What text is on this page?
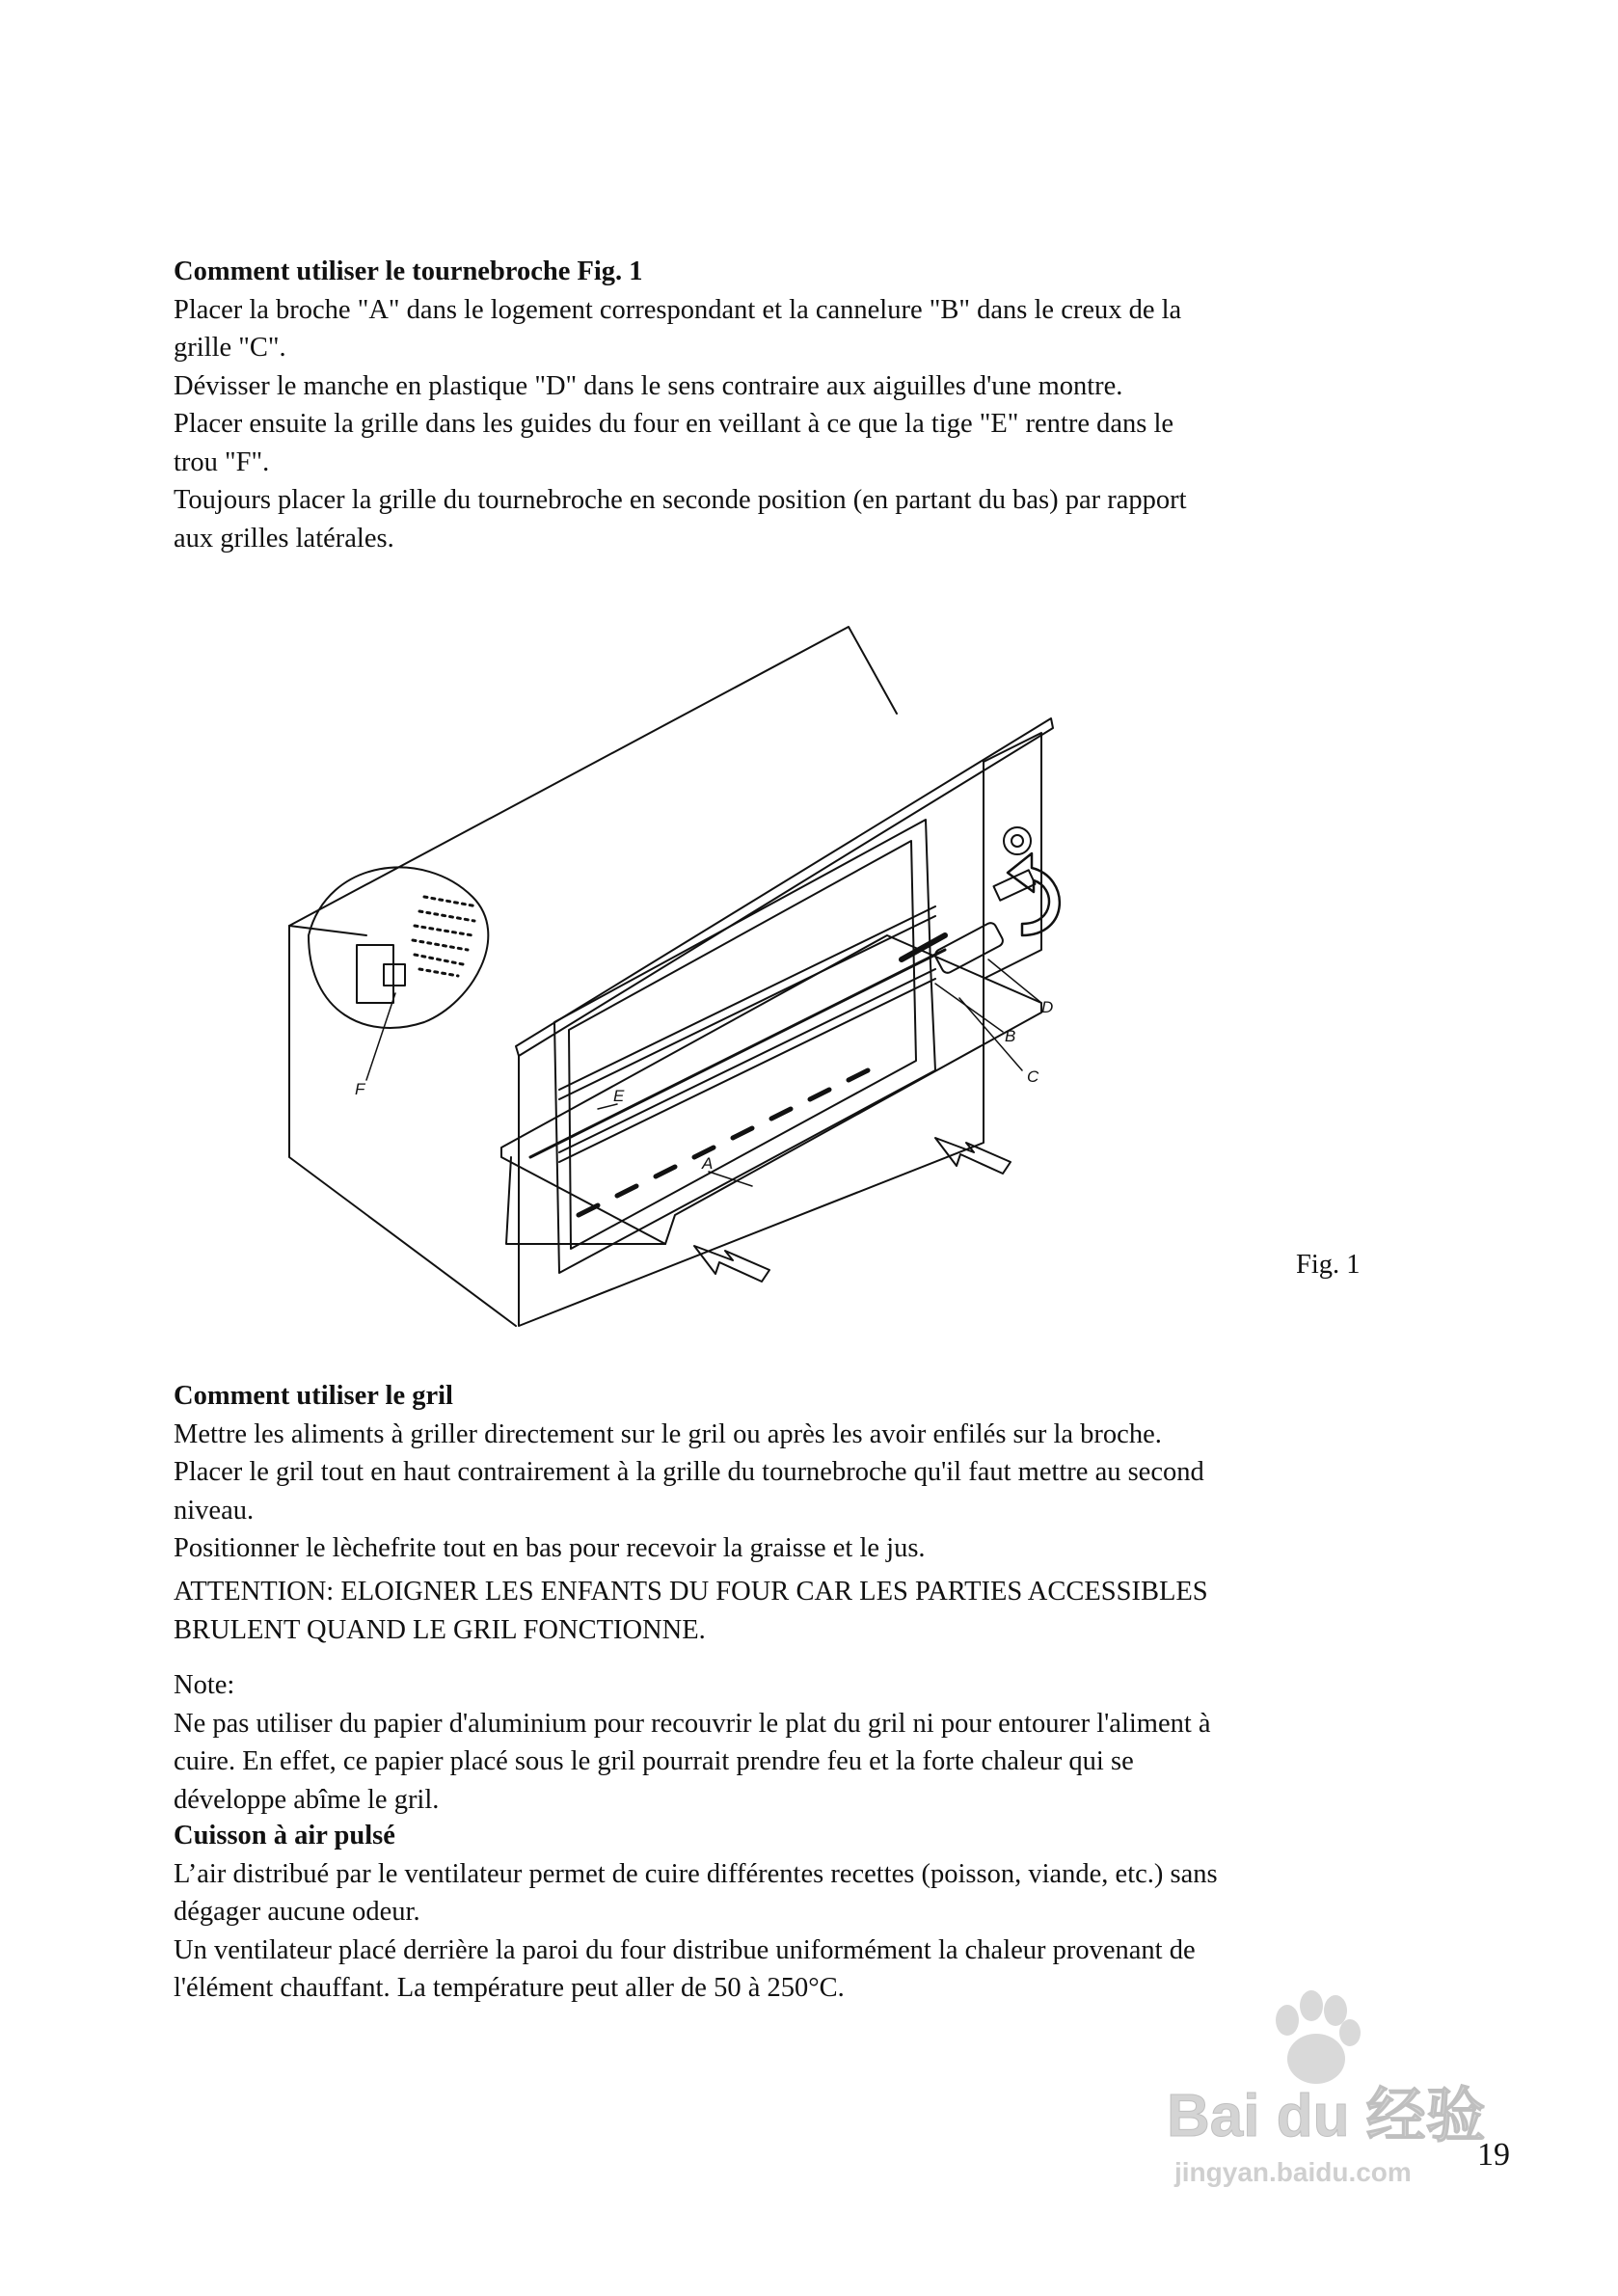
Comment utiliser le tournebroche Fig. 1

Placer la broche "A" dans le logement correspondant et la cannelure "B" dans le creux de la

grille "C".

Dévisser le manche en plastique "D" dans le sens contraire aux aiguilles d'une montre.

Placer ensuite la grille dans les guides du four en veillant à ce que la tige "E" rentre dans le

trou "F".

Toujours placer la grille du tournebroche en seconde position (en partant du bas) par rapport

aux grilles latérales.

A
B
C
D
E
F
Fig. 1
Comment utiliser le gril

Mettre les aliments à griller directement sur le gril ou après les avoir enfilés sur la broche.

Placer le gril tout en haut contrairement à la grille du tournebroche qu'il faut mettre au second

niveau.

Positionner le lèchefrite tout en bas pour recevoir la graisse et le jus.

ATTENTION: ELOIGNER LES ENFANTS DU FOUR CAR LES PARTIES ACCESSIBLES

BRULENT QUAND LE GRIL FONCTIONNE.

Note:

Ne pas utiliser du papier d'aluminium pour recouvrir le plat du gril ni pour entourer l'aliment à

cuire. En effet, ce papier placé sous le gril pourrait prendre feu et la forte chaleur qui se

développe abîme le gril.

Cuisson à air pulsé

L’air distribué par le ventilateur permet de cuire différentes recettes (poisson, viande, etc.) sans

dégager aucune odeur.

Un ventilateur placé derrière la paroi du four distribue uniformément la chaleur provenant de

l'élément chauffant. La température peut aller de 50 à 250°C.

Bai du 经验
jingyan.baidu.com 19
